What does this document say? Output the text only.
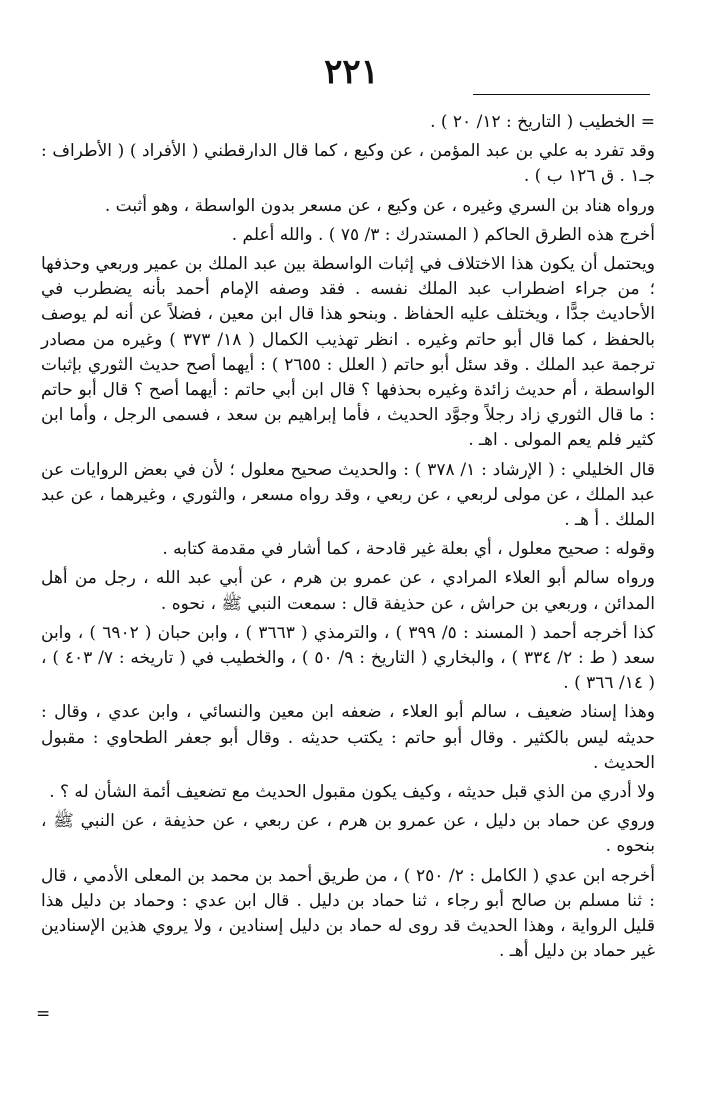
٢٢١

= الخطيب ( التاريخ : ١٢/ ٢٠ ) .

وقد تفرد به علي بن عبد المؤمن ، عن وكيع ، كما قال الدارقطني ( الأفراد ) ( الأطراف : جـ١ . ق ١٢٦ ب ) .

ورواه هناد بن السري وغيره ، عن وكيع ، عن مسعر بدون الواسطة ، وهو أثبت .

أخرج هذه الطرق الحاكم ( المستدرك : ٣/ ٧٥ ) . والله أعلم .

ويحتمل أن يكون هذا الاختلاف في إثبات الواسطة بين عبد الملك بن عمير وربعي وحذفها ؛ من جراء اضطراب عبد الملك نفسه . فقد وصفه الإمام أحمد بأنه يضطرب في الأحاديث جدًّا ، ويختلف عليه الحفاظ . وبنحو هذا قال ابن معين ، فضلاً عن أنه لم يوصف بالحفظ ، كما قال أبو حاتم وغيره . انظر تهذيب الكمال ( ١٨/ ٣٧٣ ) وغيره من مصادر ترجمة عبد الملك . وقد سئل أبو حاتم ( العلل : ٢٦٥٥ ) : أيهما أصح حديث الثوري بإثبات الواسطة ، أم حديث زائدة وغيره بحذفها ؟ قال ابن أبي حاتم : أيهما أصح ؟ قال أبو حاتم : ما قال الثوري زاد رجلاً وجوَّد الحديث ، فأما إبراهيم بن سعد ، فسمى الرجل ، وأما ابن كثير فلم يعم المولى . اهـ .

قال الخليلي : ( الإرشاد : ١/ ٣٧٨ ) : والحديث صحيح معلول ؛ لأن في بعض الروايات عن عبد الملك ، عن مولى لربعي ، عن ربعي ، وقد رواه مسعر ، والثوري ، وغيرهما ، عن عبد الملك . أ هـ .

وقوله : صحيح معلول ، أي بعلة غير قادحة ، كما أشار في مقدمة كتابه .

ورواه سالم أبو العلاء المرادي ، عن عمرو بن هرم ، عن أبي عبد الله ، رجل من أهل المدائن ، وربعي بن حراش ، عن حذيفة قال : سمعت النبي ﷺ ، نحوه .

كذا أخرجه أحمد ( المسند : ٥/ ٣٩٩ ) ، والترمذي ( ٣٦٦٣ ) ، وابن حبان ( ٦٩٠٢ ) ، وابن سعد ( ط : ٢/ ٣٣٤ ) ، والبخاري ( التاريخ : ٩/ ٥٠ ) ، والخطيب في ( تاريخه : ٧/ ٤٠٣ ) ، ( ١٤/ ٣٦٦ ) .

وهذا إسناد ضعيف ، سالم أبو العلاء ، ضعفه ابن معين والنسائي ، وابن عدي ، وقال : حديثه ليس بالكثير . وقال أبو حاتم : يكتب حديثه . وقال أبو جعفر الطحاوي : مقبول الحديث .

ولا أدري من الذي قبل حديثه ، وكيف يكون مقبول الحديث مع تضعيف أئمة الشأن له ؟ .

وروي عن حماد بن دليل ، عن عمرو بن هرم ، عن ربعي ، عن حذيفة ، عن النبي ﷺ ، بنحوه .

أخرجه ابن عدي ( الكامل : ٢/ ٢٥٠ ) ، من طريق أحمد بن محمد بن المعلى الأدمي ، قال : ثنا مسلم بن صالح أبو رجاء ، ثنا حماد بن دليل . قال ابن عدي : وحماد بن دليل هذا قليل الرواية ، وهذا الحديث قد روى له حماد بن دليل إسنادين ، ولا يروي هذين الإسنادين غير حماد بن دليل أهـ .

=
